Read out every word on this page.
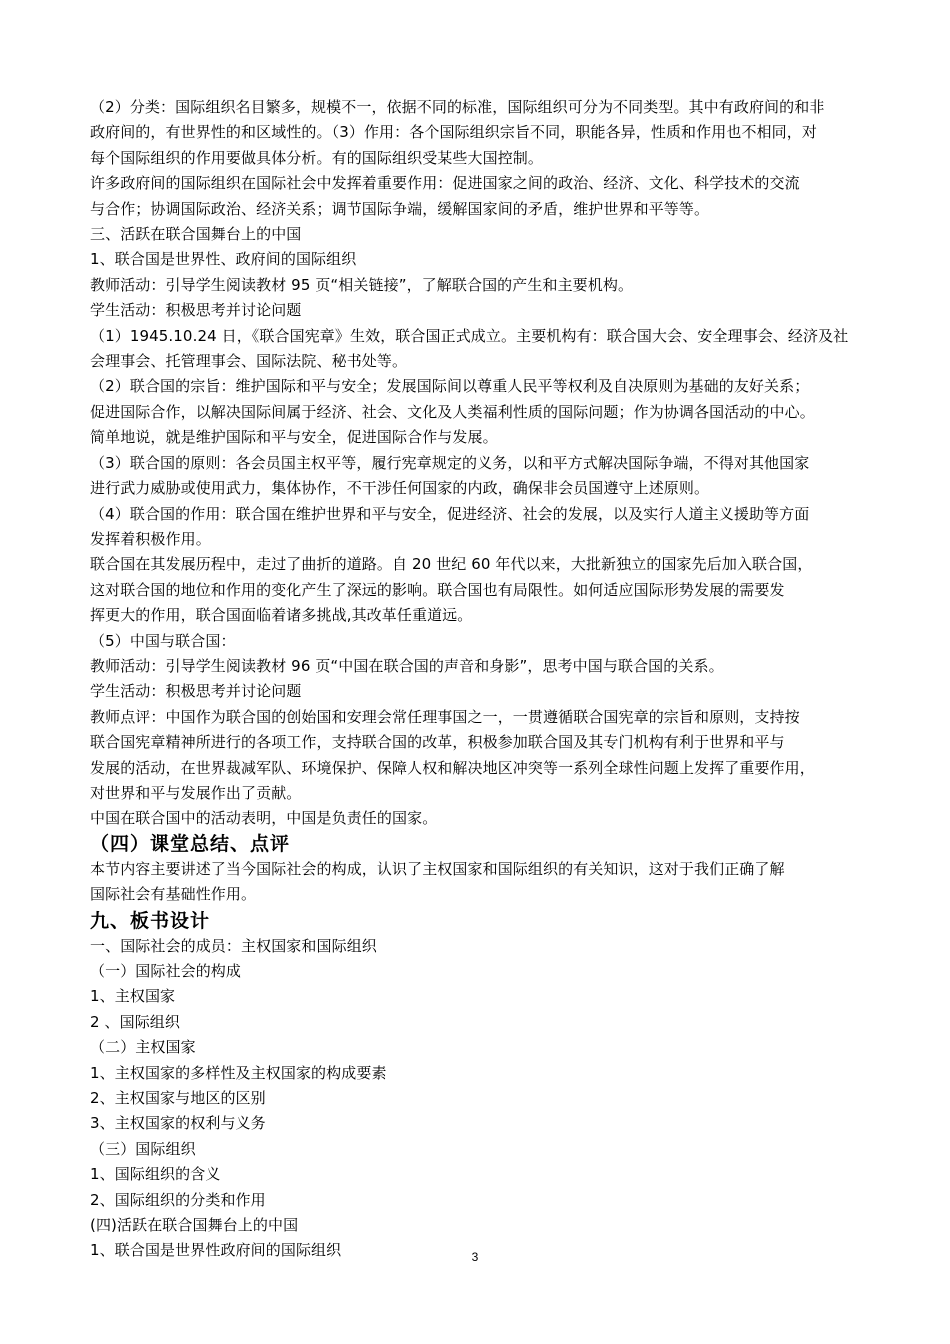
（2）分类：国际组织名目繁多，规模不一，依据不同的标准，国际组织可分为不同类型。其中有政府间的和非
政府间的，有世界性的和区域性的。（3）作用：各个国际组织宗旨不同，职能各异，性质和作用也不相同，对
每个国际组织的作用要做具体分析。有的国际组织受某些大国控制。
许多政府间的国际组织在国际社会中发挥着重要作用：促进国家之间的政治、经济、文化、科学技术的交流
与合作；协调国际政治、经济关系；调节国际争端，缓解国家间的矛盾，维护世界和平等等。
三、活跃在联合国舞台上的中国
1、联合国是世界性、政府间的国际组织
教师活动：引导学生阅读教材 95 页“相关链接”，了解联合国的产生和主要机构。
学生活动：积极思考并讨论问题
（1）1945.10.24 日，《联合国宪章》生效，联合国正式成立。主要机构有：联合国大会、安全理事会、经济及社
会理事会、托管理事会、国际法院、秘书处等。
（2）联合国的宗旨：维护国际和平与安全；发展国际间以尊重人民平等权利及自决原则为基础的友好关系；
促进国际合作，以解决国际间属于经济、社会、文化及人类福利性质的国际问题；作为协调各国活动的中心。
简单地说，就是维护国际和平与安全，促进国际合作与发展。
（3）联合国的原则：各会员国主权平等，履行宪章规定的义务，以和平方式解决国际争端，不得对其他国家
进行武力威胁或使用武力，集体协作，不干涉任何国家的内政，确保非会员国遵守上述原则。
（4）联合国的作用：联合国在维护世界和平与安全，促进经济、社会的发展，以及实行人道主义援助等方面
发挥着积极作用。
联合国在其发展历程中，走过了曲折的道路。自 20 世纪 60 年代以来，大批新独立的国家先后加入联合国，
这对联合国的地位和作用的变化产生了深远的影响。联合国也有局限性。如何适应国际形势发展的需要发
挥更大的作用，联合国面临着诸多挑战,其改革任重道远。
（5）中国与联合国：
教师活动：引导学生阅读教材 96 页“中国在联合国的声音和身影”，思考中国与联合国的关系。
学生活动：积极思考并讨论问题
教师点评：中国作为联合国的创始国和安理会常任理事国之一，一贯遵循联合国宪章的宗旨和原则，支持按
联合国宪章精神所进行的各项工作，支持联合国的改革，积极参加联合国及其专门机构有利于世界和平与
发展的活动，在世界裁减军队、环境保护、保障人权和解决地区冲突等一系列全球性问题上发挥了重要作用，
对世界和平与发展作出了贡献。
中国在联合国中的活动表明，中国是负责任的国家。
（四）课堂总结、点评
本节内容主要讲述了当今国际社会的构成，认识了主权国家和国际组织的有关知识，这对于我们正确了解
国际社会有基础性作用。
九、板书设计
一、国际社会的成员：主权国家和国际组织
（一）国际社会的构成
1、主权国家
2 、国际组织
（二）主权国家
1、主权国家的多样性及主权国家的构成要素
2、主权国家与地区的区别
3、主权国家的权利与义务
（三）国际组织
1、国际组织的含义
2、国际组织的分类和作用
(四)活跃在联合国舞台上的中国
1、联合国是世界性政府间的国际组织	3
